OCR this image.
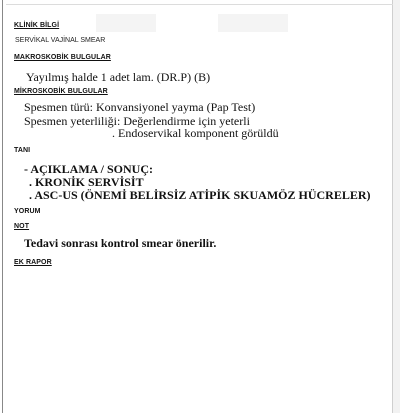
KLİNİK BİLGİ
SERVİKAL VAJİNAL SMEAR
MAKROSKOBİK BULGULAR
Yayılmış halde 1 adet lam. (DR.P) (B)
MİKROSKOBİK BULGULAR
Spesmen türü: Konvansiyonel yayma (Pap Test)
Spesmen yeterliliği: Değerlendirme için yeterli
. Endoservikal komponent görüldü
TANI
- AÇIKLAMA / SONUÇ:
. KRONİK SERVİSİT
. ASC-US (ÖNEMİ BELİRSİZ ATİPİK SKUAMÖZ HÜCRELER)
YORUM
NOT
Tedavi sonrası kontrol smear önerilir.
EK RAPOR
